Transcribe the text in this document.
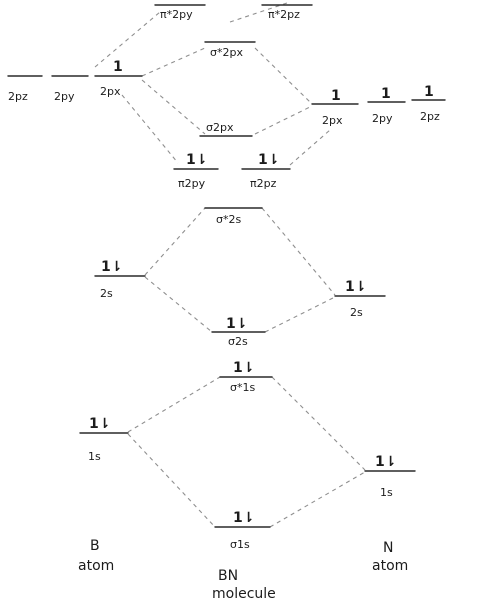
2pz 2py
1
2px
π*2py	π*2pz
σ*2px
σ2px
1⇂
π2py
1⇂
π2pz
1
2px
1
2py
1
2pz
1⇂
2s
σ*2s
1⇂
σ2s
1⇂
2s
1⇂
σ*1s
1⇂
1s	1⇂
1s
1⇂
σ1s
B
atom
BN
molecule
N
atom
